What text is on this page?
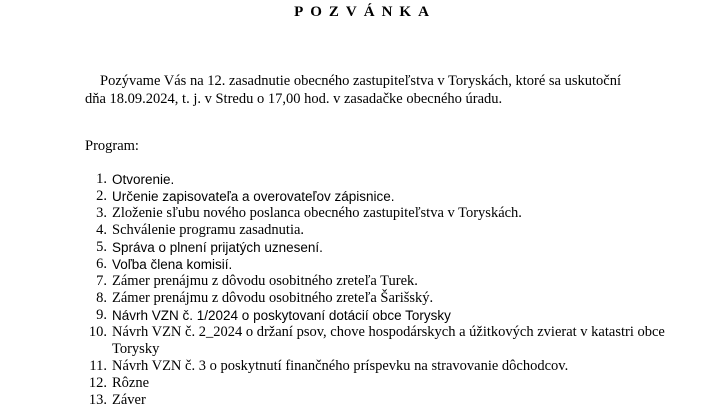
POZVÁNKA
Pozývame Vás na 12. zasadnutie obecného zastupiteľstva v Toryskách, ktoré sa uskutoční
dňa 18.09.2024, t. j. v Stredu o 17,00 hod. v zasadačke obecného úradu.
Program:
1. Otvorenie.
2. Určenie zapisovateľa a overovateľov zápisnice.
3. Zloženie sľubu nového poslanca obecného zastupiteľstva v Toryskách.
4. Schválenie programu zasadnutia.
5. Správa o plnení prijatých uznesení.
6. Voľba člena komisií.
7. Zámer prenájmu z dôvodu osobitného zreteľa Turek.
8. Zámer prenájmu z dôvodu osobitného zreteľa Šarišský.
9. Návrh VZN č. 1/2024 o poskytovaní dotácií obce Torysky
10. Návrh VZN č. 2_2024 o držaní psov, chove hospodárskych a úžitkových zvierat v katastri obce Torysky
11. Návrh VZN č. 3 o poskytnutí finančného príspevku na stravovanie dôchodcov.
12. Rôzne
13. Záver
